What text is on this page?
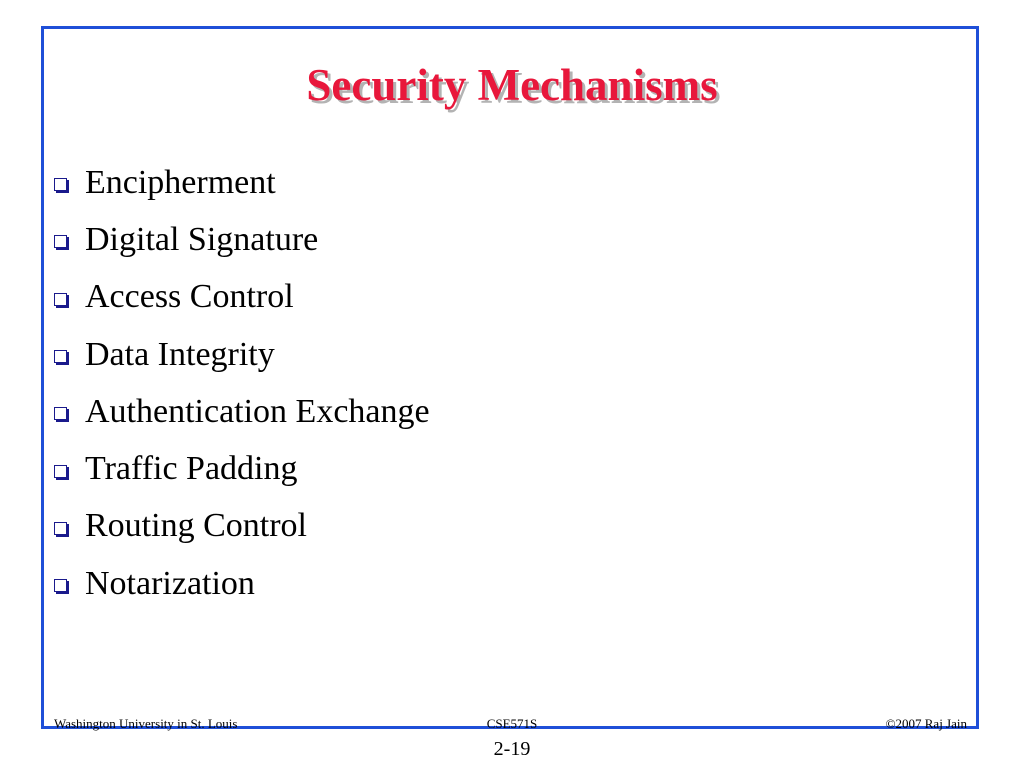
Security Mechanisms
Encipherment
Digital Signature
Access Control
Data Integrity
Authentication Exchange
Traffic Padding
Routing Control
Notarization
CSE571S
Washington University in St. Louis	©2007 Raj Jain
2-19
